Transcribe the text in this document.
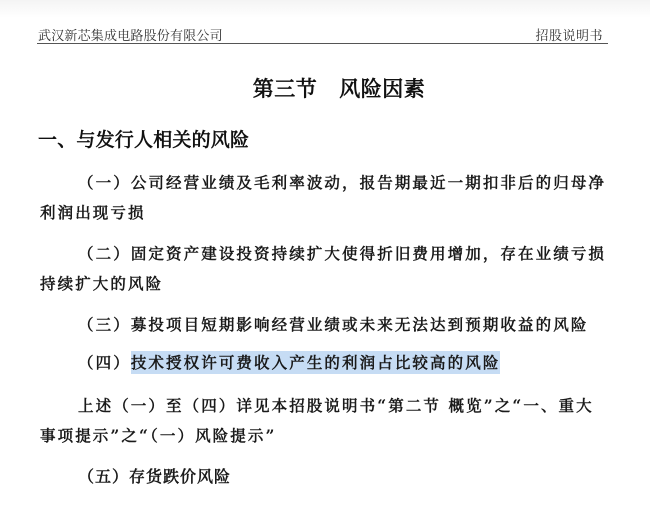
武汉新芯集成电路股份有限公司	招股说明书
第三节 风险因素
一、与发行人相关的风险
（一）公司经营业绩及毛利率波动，报告期最近一期扣非后的归母净利润出现亏损
（二）固定资产建设投资持续扩大使得折旧费用增加，存在业绩亏损持续扩大的风险
（三）募投项目短期影响经营业绩或未来无法达到预期收益的风险
（四）技术授权许可费收入产生的利润占比较高的风险
上述（一）至（四）详见本招股说明书“第二节 概览”之“一、重大事项提示”之“（一）风险提示”
（五）存货跌价风险
